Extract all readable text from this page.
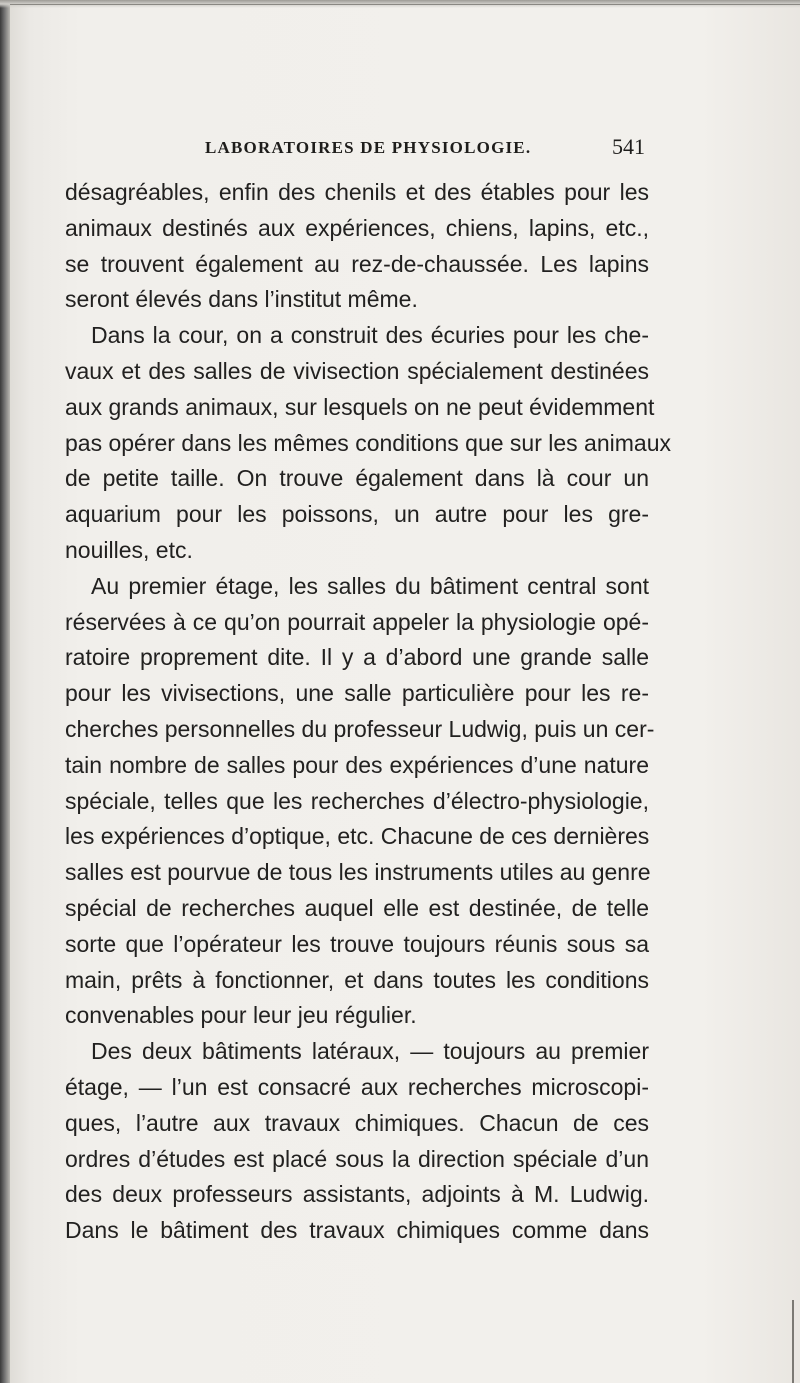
LABORATOIRES DE PHYSIOLOGIE.	541
désagréables, enfin des chenils et des étables pour les
animaux destinés aux expériences, chiens, lapins, etc.,
se trouvent également au rez-de-chaussée. Les lapins
seront élevés dans l’institut même.
Dans la cour, on a construit des écuries pour les che-
vaux et des salles de vivisection spécialement destinées
aux grands animaux, sur lesquels on ne peut évidemment
pas opérer dans les mêmes conditions que sur les animaux
de petite taille. On trouve également dans là cour un
aquarium pour les poissons, un autre pour les gre-
nouilles, etc.
Au premier étage, les salles du bâtiment central sont
réservées à ce qu’on pourrait appeler la physiologie opé-
ratoire proprement dite. Il y a d’abord une grande salle
pour les vivisections, une salle particulière pour les re-
cherches personnelles du professeur Ludwig, puis un cer-
tain nombre de salles pour des expériences d’une nature
spéciale, telles que les recherches d’électro-physiologie,
les expériences d’optique, etc. Chacune de ces dernières
salles est pourvue de tous les instruments utiles au genre
spécial de recherches auquel elle est destinée, de telle
sorte que l’opérateur les trouve toujours réunis sous sa
main, prêts à fonctionner, et dans toutes les conditions
convenables pour leur jeu régulier.
Des deux bâtiments latéraux, — toujours au premier
étage, — l’un est consacré aux recherches microscopi-
ques, l’autre aux travaux chimiques. Chacun de ces
ordres d’études est placé sous la direction spéciale d’un
des deux professeurs assistants, adjoints à M. Ludwig.
Dans le bâtiment des travaux chimiques comme dans
